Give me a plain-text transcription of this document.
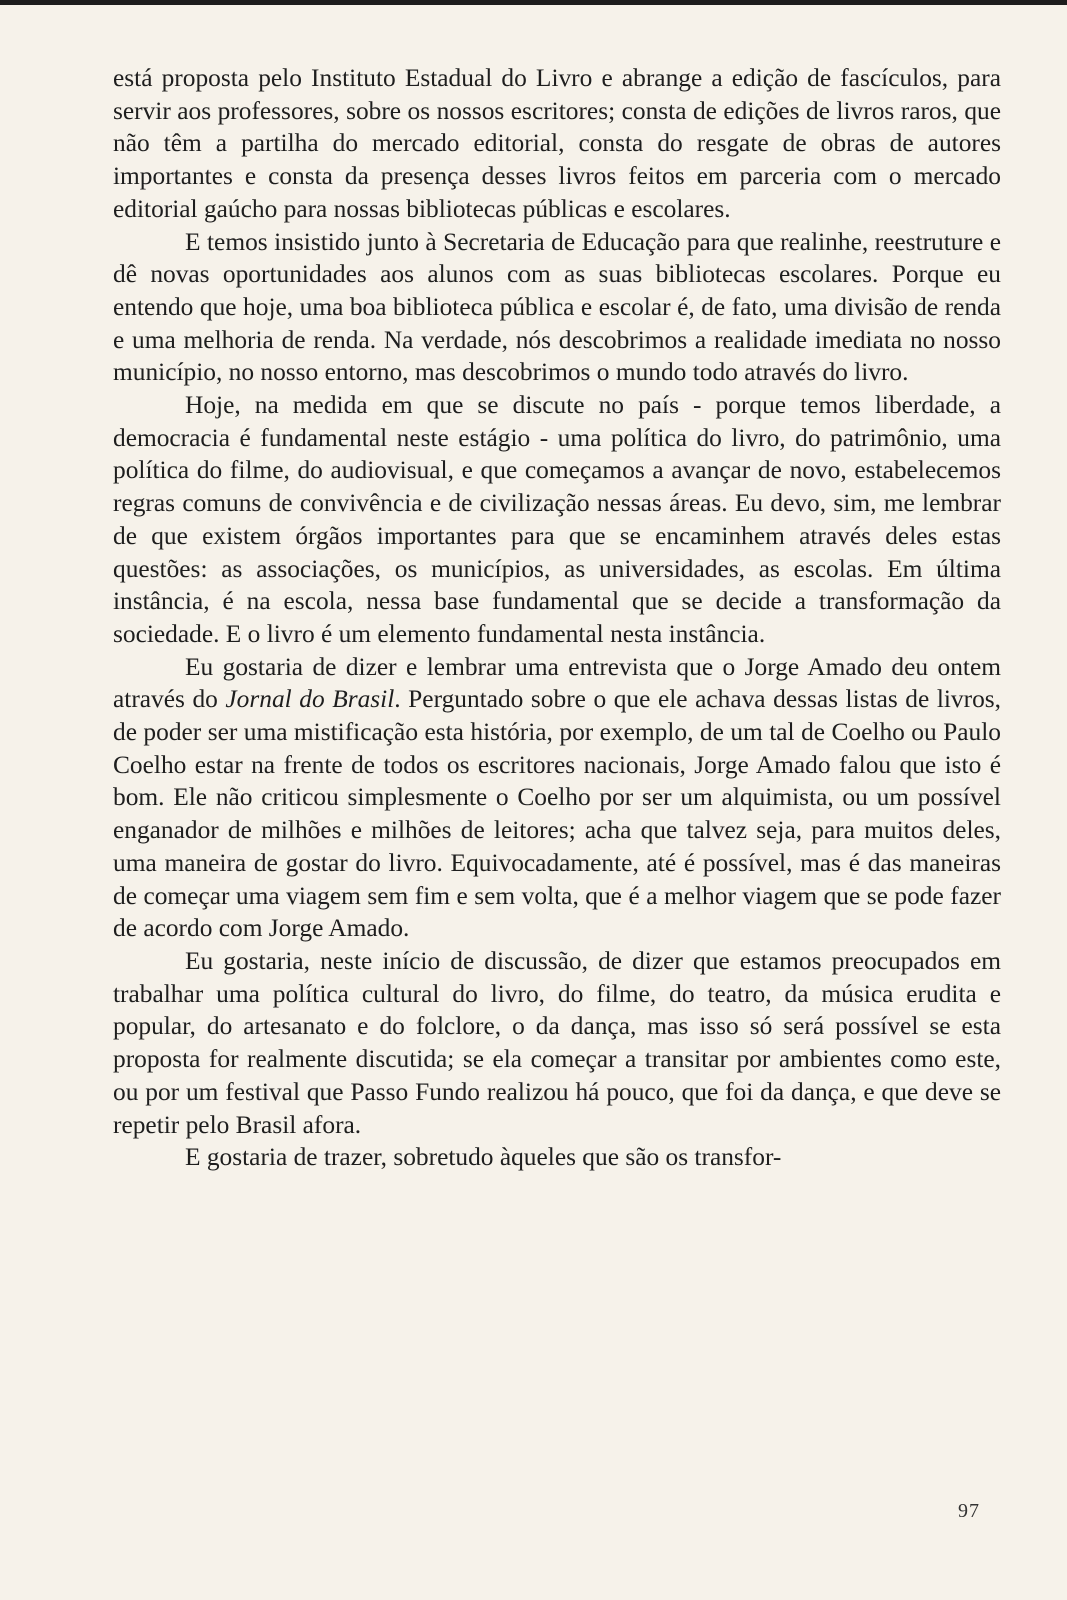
está proposta pelo Instituto Estadual do Livro e abrange a edição de fascículos, para servir aos professores, sobre os nossos escritores; consta de edições de livros raros, que não têm a partilha do mercado editorial, consta do resgate de obras de autores importantes e consta da presença desses livros feitos em parceria com o mercado editorial gaúcho para nossas bibliotecas públicas e escolares.

E temos insistido junto à Secretaria de Educação para que realinhe, reestruture e dê novas oportunidades aos alunos com as suas bibliotecas escolares. Porque eu entendo que hoje, uma boa biblioteca pública e escolar é, de fato, uma divisão de renda e uma melhoria de renda. Na verdade, nós descobrimos a realidade imediata no nosso município, no nosso entorno, mas descobrimos o mundo todo através do livro.

Hoje, na medida em que se discute no país - porque temos liberdade, a democracia é fundamental neste estágio - uma política do livro, do patrimônio, uma política do filme, do audiovisual, e que começamos a avançar de novo, estabelecemos regras comuns de convivência e de civilização nessas áreas. Eu devo, sim, me lembrar de que existem órgãos importantes para que se encaminhem através deles estas questões: as associações, os municípios, as universidades, as escolas. Em última instância, é na escola, nessa base fundamental que se decide a transformação da sociedade. E o livro é um elemento fundamental nesta instância.

Eu gostaria de dizer e lembrar uma entrevista que o Jorge Amado deu ontem através do Jornal do Brasil. Perguntado sobre o que ele achava dessas listas de livros, de poder ser uma mistificação esta história, por exemplo, de um tal de Coelho ou Paulo Coelho estar na frente de todos os escritores nacionais, Jorge Amado falou que isto é bom. Ele não criticou simplesmente o Coelho por ser um alquimista, ou um possível enganador de milhões e milhões de leitores; acha que talvez seja, para muitos deles, uma maneira de gostar do livro. Equivocadamente, até é possível, mas é das maneiras de começar uma viagem sem fim e sem volta, que é a melhor viagem que se pode fazer de acordo com Jorge Amado.

Eu gostaria, neste início de discussão, de dizer que estamos preocupados em trabalhar uma política cultural do livro, do filme, do teatro, da música erudita e popular, do artesanato e do folclore, o da dança, mas isso só será possível se esta proposta for realmente discutida; se ela começar a transitar por ambientes como este, ou por um festival que Passo Fundo realizou há pouco, que foi da dança, e que deve se repetir pelo Brasil afora.

E gostaria de trazer, sobretudo àqueles que são os transfor-

97
